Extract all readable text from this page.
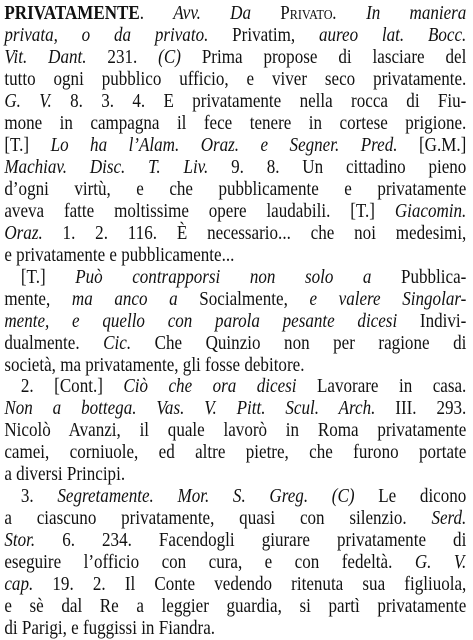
PRIVATAMENTE. Avv. Da Privato. In maniera
privata, o da privato. Privatim, aureo lat. Bocc.
Vit. Dant. 231. (C) Prima propose di lasciare del
tutto ogni pubblico ufficio, e viver seco privatamente.
G. V. 8. 3. 4. E privatamente nella rocca di Fiu-
mone in campagna il fece tenere in cortese prigione.
[T.] Lo ha l’Alam. Oraz. e Segner. Pred. [G.M.]
Machiav. Disc. T. Liv. 9. 8. Un cittadino pieno
d’ogni virtù, e che pubblicamente e privatamente
aveva fatte moltissime opere laudabili. [T.] Giacomin.
Oraz. 1. 2. 116. È necessario... che noi medesimi,
e privatamente e pubblicamente...
[T.] Può contrapporsi non solo a Pubblica-
mente, ma anco a Socialmente, e valere Singolar-
mente, e quello con parola pesante dicesi Indivi-
dualmente. Cic. Che Quinzio non per ragione di
società, ma privatamente, gli fosse debitore.
2. [Cont.] Ciò che ora dicesi Lavorare in casa.
Non a bottega. Vas. V. Pitt. Scul. Arch. III. 293.
Nicolò Avanzi, il quale lavorò in Roma privatamente
camei, corniuole, ed altre pietre, che furono portate
a diversi Principi.
3. Segretamente. Mor. S. Greg. (C) Le dicono
a ciascuno privatamente, quasi con silenzio. Serd.
Stor. 6. 234. Facendogli giurare privatamente di
eseguire l’officio con cura, e con fedeltà. G. V.
cap. 19. 2. Il Conte vedendo ritenuta sua figliuola,
e sè dal Re a leggier guardia, si partì privatamente
di Parigi, e fuggissi in Fiandra.
